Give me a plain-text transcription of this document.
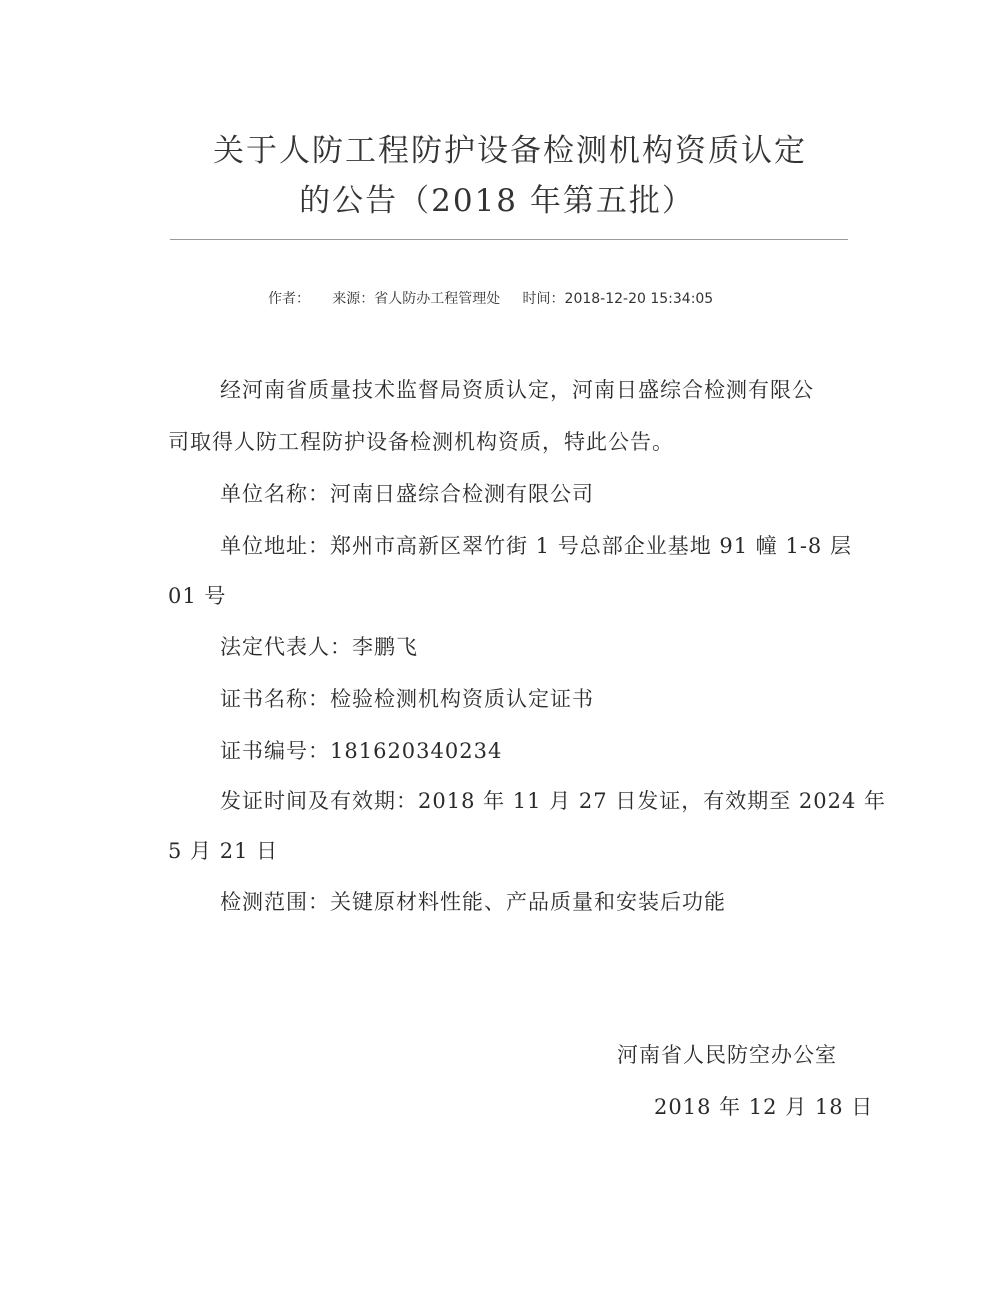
关于人防工程防护设备检测机构资质认定
的公告（2018 年第五批）
作者： 来源：省人防办工程管理处 时间：2018-12-20 15:34:05
经河南省质量技术监督局资质认定，河南日盛综合检测有限公
司取得人防工程防护设备检测机构资质，特此公告。
单位名称：河南日盛综合检测有限公司
单位地址：郑州市高新区翠竹街 1 号总部企业基地 91 幢 1-8 层
01 号
法定代表人：李鹏飞
证书名称：检验检测机构资质认定证书
证书编号：181620340234
发证时间及有效期：2018 年 11 月 27 日发证，有效期至 2024 年
5 月 21 日
检测范围：关键原材料性能、产品质量和安装后功能
河南省人民防空办公室
2018 年 12 月 18 日
